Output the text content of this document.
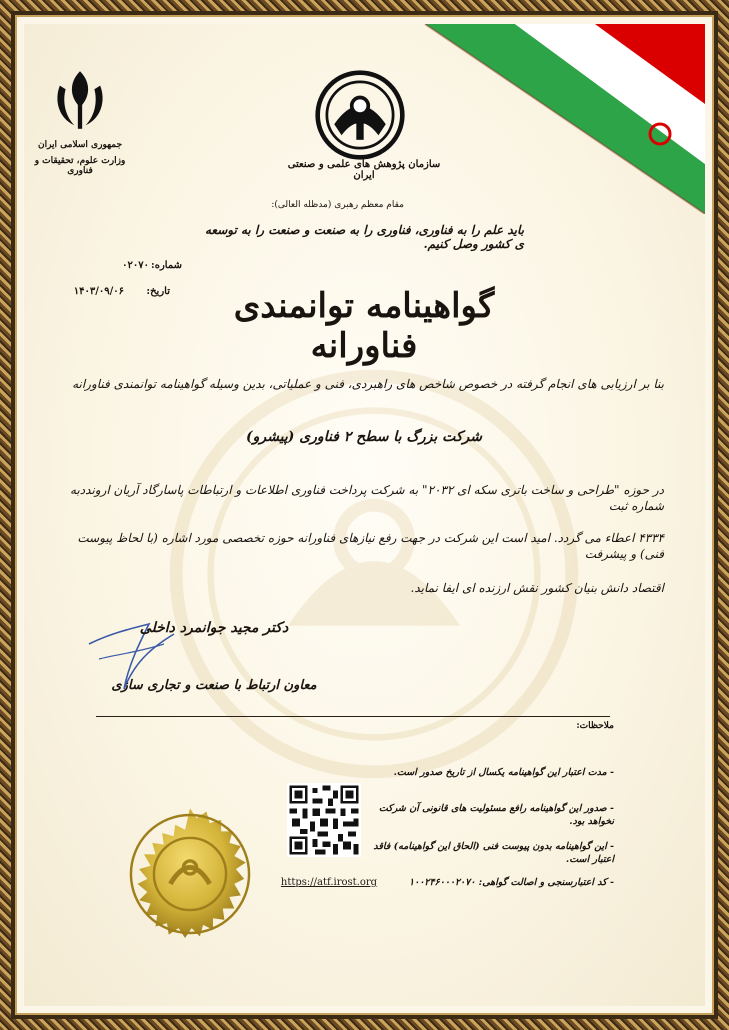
جمهوری اسلامی ایران
وزارت علوم، تحقیقات و فناوری
سازمان پژوهش های علمی و صنعتی ایران
مقام معظم رهبری (مدظله العالی):
باید علم را به فناوری، فناوری را به صنعت و صنعت را به توسعه ی کشور وصل کنیم.
شماره:
۰۲۰۷۰
تاریخ:
۱۴۰۳/۰۹/۰۶	گواهینامه توانمندی فناورانه
بنا بر ارزیابی های انجام گرفته در خصوص شاخص های راهبردی، فنی و عملیاتی، بدین وسیله گواهینامه توانمندی فناورانه
شرکت بزرگ با سطح ۲ فناوری (پیشرو)
در حوزه "طراحی و ساخت باتری سکه ای ۲۰۳۲" به شرکت پرداخت فناوری اطلاعات و ارتباطات پاسارگاد آریان ارونددبه شماره ثبت
۴۳۳۴ اعطاء می گردد. امید است این شرکت در جهت رفع نیازهای فناورانه حوزه تخصصی مورد اشاره (با لحاظ پیوست فنی) و پیشرفت
اقتصاد دانش بنیان کشور نقش ارزنده ای ایفا نماید.
دکتر مجید جوانمرد داخلی
معاون ارتباط با صنعت و تجاری سازی
ملاحظات:
- مدت اعتبار این گواهینامه یکسال از تاریخ صدور است.
- صدور این گواهینامه رافع مسئولیت های قانونی آن شرکت نخواهد بود.
- این گواهینامه بدون پیوست فنی (الحاق این گواهینامه) فاقد اعتبار است.
- کد اعتبارسنجی و اصالت گواهی: ۱۰۰۲۴۶۰۰۰۲۰۷۰
https://atf.irost.org
